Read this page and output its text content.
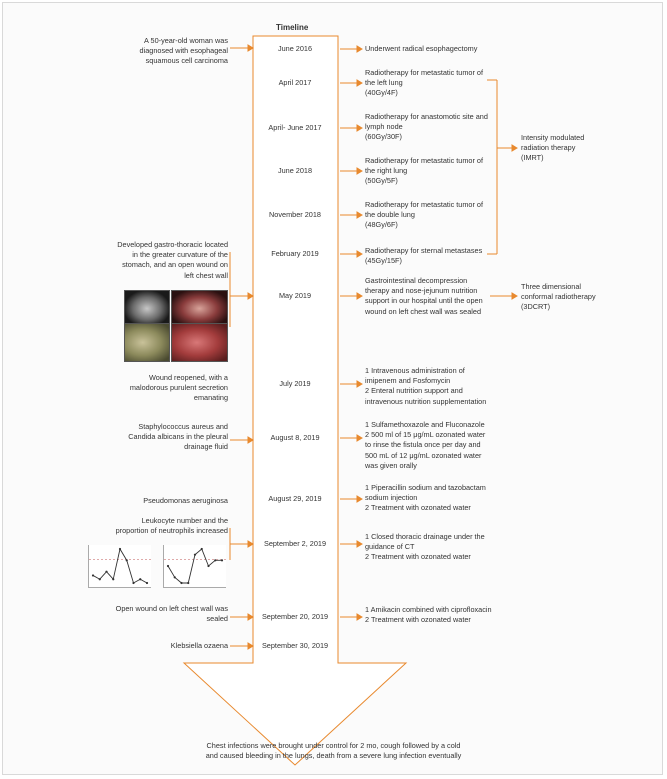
Timeline
A 50-year-old woman was
diagnosed with esophageal
squamous cell carcinoma
Developed gastro-thoracic located
in the greater curvature of the
stomach, and an open wound on
left chest wall
Wound reopened, with a
malodorous purulent secretion
emanating
Staphylococcus aureus and
Candida albicans in the pleural
drainage fluid
Pseudomonas aeruginosa
Leukocyte number and the
proportion of neutrophils increased
Open wound on left chest wall was
sealed
Klebsiella ozaena
June 2016
April 2017
April- June 2017
June 2018
November 2018
February 2019
May 2019
July 2019
August 8, 2019
August 29, 2019
September 2, 2019
September 20, 2019
September 30, 2019
Underwent radical esophagectomy
Radiotherapy for metastatic tumor of
the left lung
(40Gy/4F)
Radiotherapy for anastomotic site and
lymph node
(60Gy/30F)
Radiotherapy for metastatic tumor of
the right lung
(50Gy/5F)
Radiotherapy for metastatic tumor of
the double lung
(48Gy/6F)
Radiotherapy for sternal metastases
(45Gy/15F)
Gastrointestinal decompression
therapy and nose-jejunum nutrition
support in our hospital until the open
wound on left chest wall was sealed
1 Intravenous administration of
imipenem and Fosfomycin
2 Enteral nutrition support and
intravenous nutrition supplementation
1 Sulfamethoxazole and Fluconazole
2 500 ml of 15 μg/mL ozonated water
to rinse the fistula once per day and
500 mL of 12 μg/mL ozonated water
was given orally
1 Piperacillin sodium and tazobactam
sodium injection
2 Treatment with ozonated water
1 Closed thoracic drainage under the
guidance of CT
2 Treatment with ozonated water
1 Amikacin combined with ciprofloxacin
2 Treatment with ozonated water
Intensity modulated
radiation therapy
(IMRT)
Three dimensional
conformal radiotherapy
(3DCRT)
Chest infections were brought under control for 2 mo, cough followed by a cold
and caused bleeding in the lungs, death from a severe lung infection eventually
